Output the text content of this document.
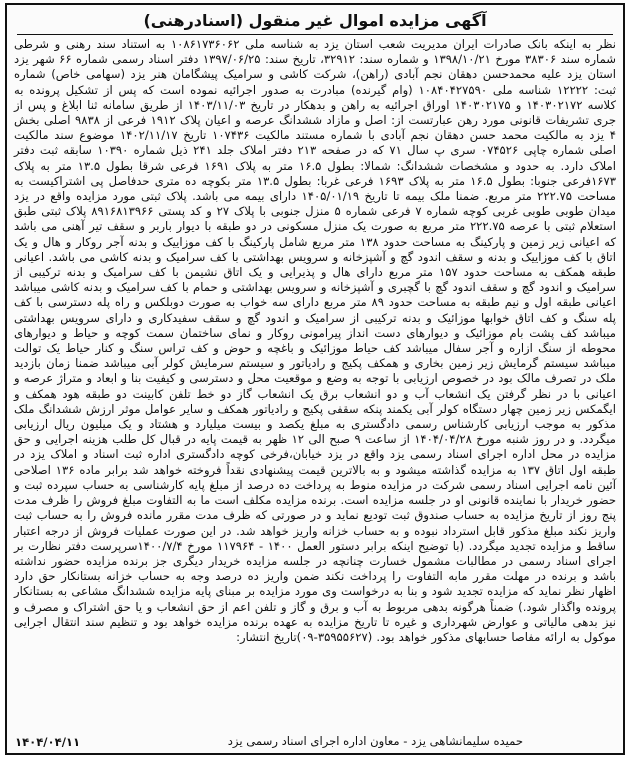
آگهی مزایده اموال غیر منقول (اسنادرهنی)
نظر به اینکه بانک صادرات ایران مدیریت شعب استان یزد به شناسه ملی ۱۰۸۶۱۷۳۶۰۶۲ به استناد سند رهنی و شرطی شماره سند ۳۸۳۰۶ مورخ ۱۳۹۸/۱۰/۲۱ و شماره سند: ۳۲۹۱۲، تاریخ سند: ۱۳۹۷/۰۶/۲۵ دفتر اسناد رسمی شماره ۶۶ شهر یزد استان یزد علیه محمدحسن دهقان نجم آبادی (راهن)، شرکت کاشی و سرامیک پیشگامان هنر یزد (سهامی خاص) شماره ثبت: ۱۲۲۲۲ شناسه ملی ۱۰۸۴۰۴۲۷۵۹۰ (وام گیرنده) مبادرت به صدور اجرائیه نموده است که پس از تشکیل پرونده به کلاسه ۱۴۰۳۰۲۱۷۲ و ۱۴۰۳۰۲۱۷۵ اوراق اجرائیه به راهن و بدهکار در تاریخ ۱۴۰۳/۱۱/۰۳ از طریق سامانه ثنا ابلاغ و پس از جری تشریفات قانونی مورد رهن عبارتست از: اصل و مازاد ششدانگ عرصه و اعیان پلاک ۱۹۱۲ فرعی از ۹۸۳۸ اصلی بخش ۴ یزد به مالکیت محمد حسن دهقان نجم آبادی با شماره مستند مالکیت ۱۰۷۴۳۶ تاریخ ۱۴۰۲/۱۱/۱۷ موضوع سند مالکیت اصلی شماره چاپی ۰۷۴۵۲۶ سری پ سال ۷۱ که در صفحه ۲۱۳ دفتر املاک جلد ۲۴۱ ذیل شماره ۱۰۳۹۰ سابقه ثبت دفتر املاک دارد. به حدود و مشخصات ششدانگ: شمالا: بطول ۱۶.۵ متر به پلاک ۱۶۹۱ فرعی شرقا بطول ۱۳.۵ متر به پلاک ۱۶۷۳فرعی جنوبا: بطول ۱۶.۵ متر به پلاک ۱۶۹۳ فرعی غربا: بطول ۱۳.۵ متر بکوچه ده متری حدفاصل پی اشتراکیست به مساحت ۲۲۲.۷۵ متر مربع. ضمنا ملک بیمه تا تاریخ ۱۴۰۵/۰۱/۱۹ دارای بیمه می باشد. پلاک ثبتی مورد مزایده واقع در یزد میدان طوبی طوبی غربی کوچه شماره ۷ فرعی شماره ۵ منزل جنوبی با پلاک ۲۷ و کد پستی ۸۹۱۶۸۱۳۹۶۶ پلاک ثبتی طبق استعلام ثبتی با عرصه ۲۲۲.۷۵ متر مربع به صورت یک منزل مسکونی در دو طبقه با دیوار باربر و سقف تیر آهنی می باشد که اعیانی زیر زمین و پارکینگ به مساحت حدود ۱۳۸ متر مربع شامل پارکینگ با کف موزاییک و بدنه آجر روکار و هال و یک اتاق با کف موزاییک و بدنه و سقف اندود گچ و آشپزخانه و سرویس بهداشتی با کف سرامیک و بدنه کاشی می باشد. اعیانی طبقه همکف به مساحت حدود ۱۵۷ متر مربع دارای هال و پذیرایی و یک اتاق نشیمن با کف سرامیک و بدنه ترکیبی از سرامیک و اندود گچ و سقف اندود گچ با گچبری و آشپزخانه و سرویس بهداشتی و حمام با کف سرامیک و بدنه کاشی میباشد اعیانی طبقه اول و نیم طبقه به مساحت حدود ۸۹ متر مربع دارای سه خواب به صورت دوبلکس و راه پله دسترسی با کف پله سنگ و کف اتاق خوابها موزائیک و بدنه ترکیبی از سرامیک و اندود گچ و سقف سفیدکاری و دارای سرویس بهداشتی میباشد کف پشت بام موزائیک و دیوارهای دست انداز پیرامونی روکار و نمای ساختمان سمت کوچه و حیاط و دیوارهای محوطه از سنگ ازاره و آجر سفال میباشد کف حیاط موزائیک و باغچه و حوض و کف تراس سنگ و کنار حیاط یک توالت میباشد سیستم گرمایش زیر زمین بخاری و همکف پکیج و رادیاتور و سیستم سرمایش کولر آبی میباشد ضمنا زمان بازدید ملک در تصرف مالک بود در خصوص ارزیابی با توجه به وضع و موقعیت محل و دسترسی و کیفیت بنا و ابعاد و متراژ عرصه و اعیانی با در نظر گرفتن یک انشعاب آب و دو انشعاب برق یک انشعاب گاز دو خط تلفن کابینت دو طبقه هود همکف و ایگمکس زیر زمین چهار دستگاه کولر آبی یکمند پنکه سقفی پکیج و رادیاتور همکف و سایر عوامل موثر ارزش ششدانگ ملک مذکور به موجب ارزیابی کارشناس رسمی دادگستری به مبلغ یکصد و بیست میلیارد و هشتاد و یک میلیون ریال ارزیابی میگردد. و در روز شنبه مورخ ۱۴۰۴/۰۴/۲۸ از ساعت ۹ صبح الی ۱۲ ظهر به قیمت پایه در قبال کل طلب هزینه اجرایی و حق مزایده در محل اداره اجرای اسناد رسمی یزد واقع در یزد خیابان،فرخی کوچه دادگستری اداره ثبت اسناد و املاک یزد در طبقه اول اتاق ۱۳۷ به مزایده گذاشته میشود و به بالاترین قیمت پیشنهادی نقداً فروخته خواهد شد برابر ماده ۱۳۶ اصلاحی آئین نامه اجرایی اسناد رسمی شرکت در مزایده منوط به پرداخت ده درصد از مبلغ پایه کارشناسی به حساب سپرده ثبت و حضور خریدار با نماینده قانونی او در جلسه مزایده است. برنده مزایده مکلف است ما به التفاوت مبلغ فروش را ظرف مدت پنج روز از تاریخ مزایده به حساب صندوق ثبت تودیع نماید و در صورتی که ظرف مدت مقرر مانده فروش را به حساب ثبت واریز نکند مبلغ مذکور قابل استرداد نبوده و به حساب خزانه واریز خواهد شد. در این صورت عملیات فروش از درجه اعتبار ساقط و مزایده تجدید میگردد. (با توضیح اینکه برابر دستور العمل ۱۴۰۰ - ۱۱۷۹۶۴ مورخ ۱۴۰۰/۷/۴سرپرست دفتر نظارت بر اجرای اسناد رسمی در مطالبات مشمول خسارت چنانچه در جلسه مزایده خریدار دیگری جز برنده مزایده حضور نداشته باشد و برنده در مهلت مقرر مابه التفاوت را پرداخت نکند ضمن واریز ده درصد وجه به حساب خزانه بستانکار حق دارد اظهار نظر نماید که مزایده تجدید شود و بنا به درخواست وی مورد مزایده بر مبنای پایه مزایده ششدانگ مشاعی به بستانکار پرونده واگذار شود.) ضمناً هرگونه بدهی مربوط به آب و برق و گاز و تلفن اعم از حق انشعاب و یا حق اشتراک و مصرف و نیز بدهی مالیاتی و عوارض شهرداری و غیره تا تاریخ مزایده به عهده برنده مزایده خواهد بود و تنظیم سند انتقال اجرایی موکول به ارائه مفاصا حسابهای مذکور خواهد بود. (۳۵۹۵۵۶۲۷-۰۹)تاریخ انتشار:
حمیده سلیمانشاهی یزد - معاون اداره اجرای اسناد رسمی یزد
۱۴۰۴/۰۴/۱۱
